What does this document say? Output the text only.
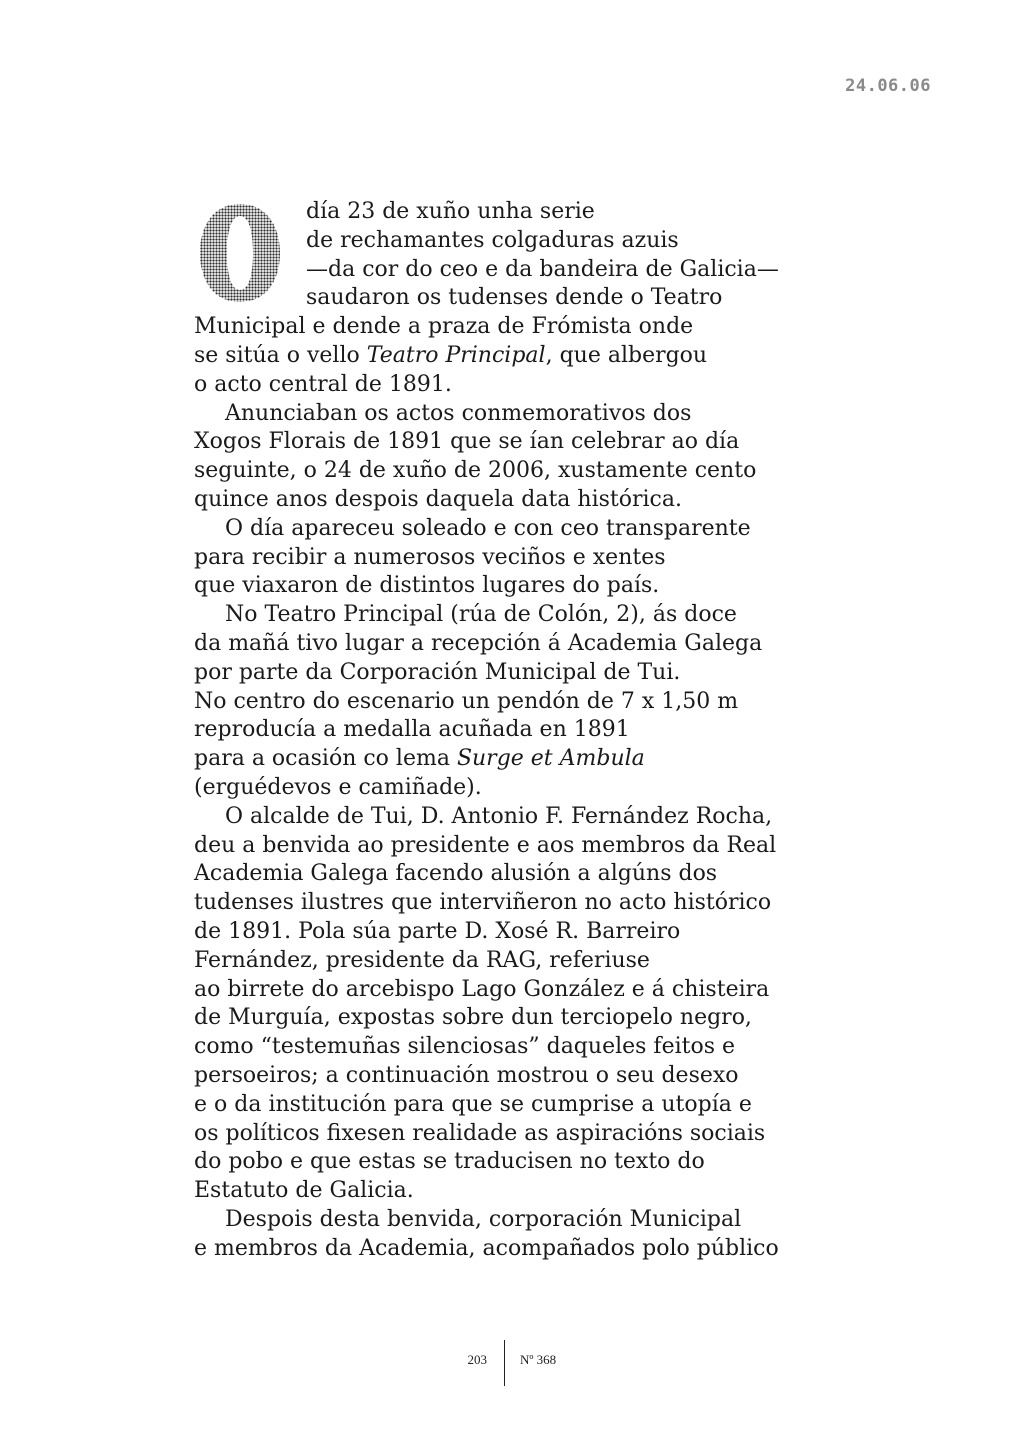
24.06.06
día 23 de xuño unha serie
de rechamantes colgaduras azuis
—da cor do ceo e da bandeira de Galicia—
saudaron os tudenses dende o Teatro
Municipal e dende a praza de Frómista onde
se sitúa o vello Teatro Principal, que albergou
o acto central de 1891.
Anunciaban os actos conmemorativos dos
Xogos Florais de 1891 que se ían celebrar ao día
seguinte, o 24 de xuño de 2006, xustamente cento
quince anos despois daquela data histórica.
O día apareceu soleado e con ceo transparente
para recibir a numerosos veciños e xentes
que viaxaron de distintos lugares do país.
No Teatro Principal (rúa de Colón, 2), ás doce
da mañá tivo lugar a recepción á Academia Galega
por parte da Corporación Municipal de Tui.
No centro do escenario un pendón de 7 x 1,50 m
reproducía a medalla acuñada en 1891
para a ocasión co lema Surge et Ambula
(erguédevos e camiñade).
O alcalde de Tui, D. Antonio F. Fernández Rocha,
deu a benvida ao presidente e aos membros da Real
Academia Galega facendo alusión a algúns dos
tudenses ilustres que interviñeron no acto histórico
de 1891. Pola súa parte D. Xosé R. Barreiro
Fernández, presidente da RAG, referiuse
ao birrete do arcebispo Lago González e á chisteira
de Murguía, expostas sobre dun terciopelo negro,
como “testemuñas silenciosas” daqueles feitos e
persoeiros; a continuación mostrou o seu desexo
e o da institución para que se cumprise a utopía e
os políticos fixesen realidade as aspiracións sociais
do pobo e que estas se traducisen no texto do
Estatuto de Galicia.
Despois desta benvida, corporación Municipal
e membros da Academia, acompañados polo público
203	Nº 368
